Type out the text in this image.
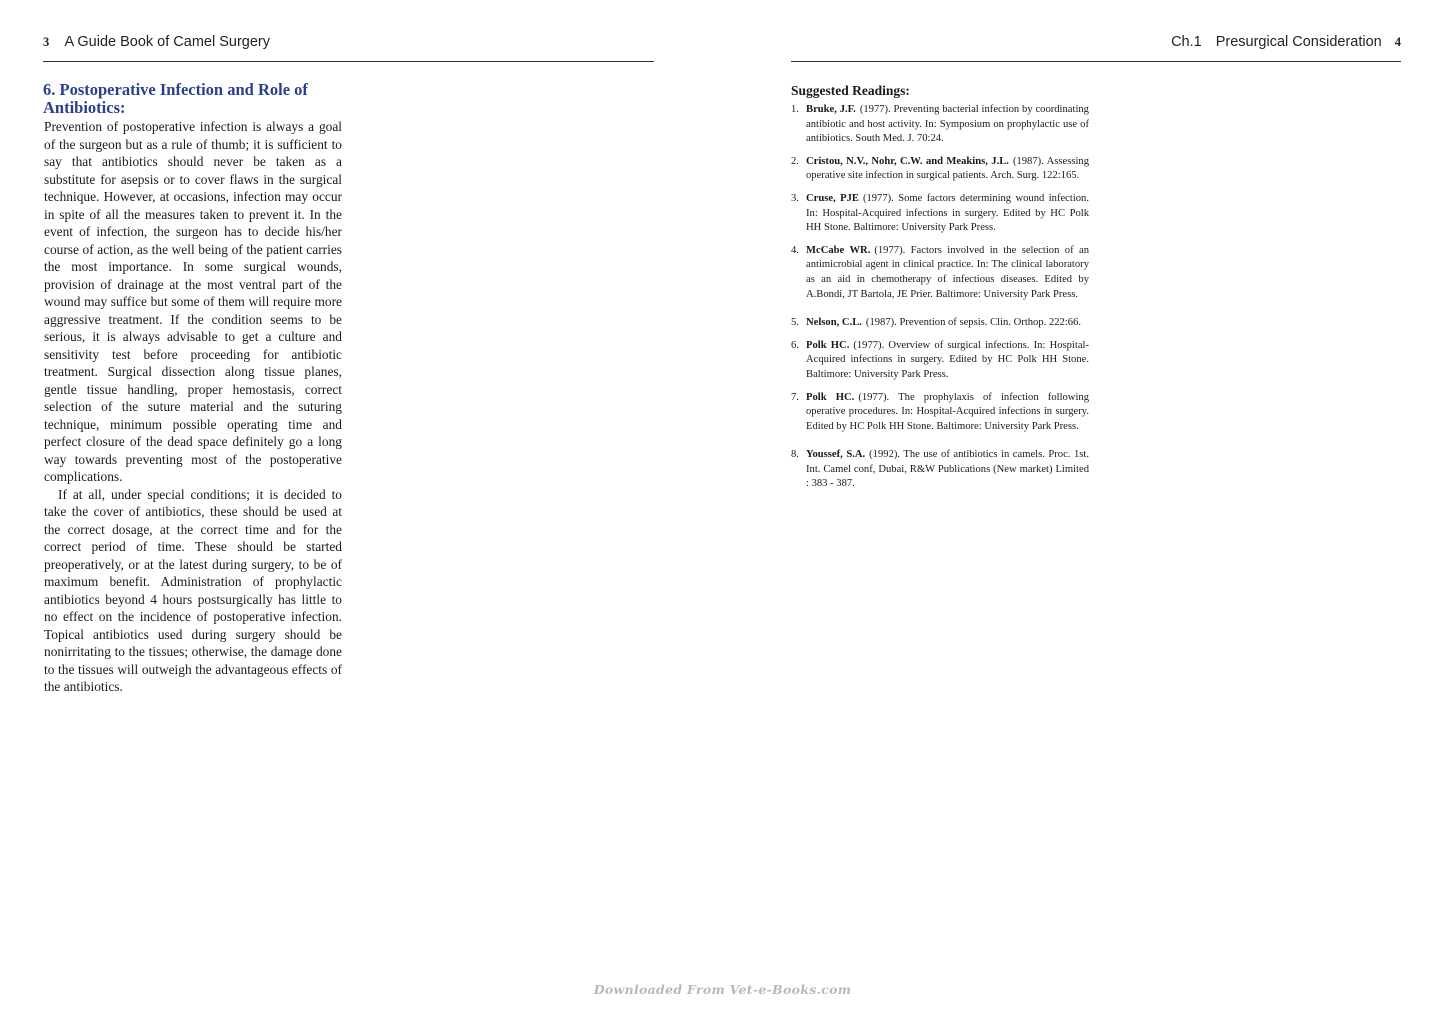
3 A Guide Book of Camel Surgery
6. Postoperative Infection and Role of Antibiotics:

Prevention of postoperative infection is always a goal of the surgeon but as a rule of thumb; it is sufficient to say that antibiotics should never be taken as a substitute for asepsis or to cover flaws in the surgical technique. However, at occasions, infection may occur in spite of all the measures taken to prevent it. In the event of infection, the surgeon has to decide his/her course of action, as the well being of the patient carries the most importance. In some surgical wounds, provision of drainage at the most ventral part of the wound may suffice but some of them will require more aggressive treatment. If the condition seems to be serious, it is always advisable to get a culture and sensitivity test before proceeding for antibiotic treatment. Surgical dissection along tissue planes, gentle tissue handling, proper hemostasis, correct selection of the suture material and the suturing technique, minimum possible operating time and perfect closure of the dead space definitely go a long way towards preventing most of the postoperative complications.

If at all, under special conditions; it is decided to take the cover of antibiotics, these should be used at the correct dosage, at the correct time and for the correct period of time. These should be started preoperatively, or at the latest during surgery, to be of maximum benefit. Administration of prophylactic antibiotics beyond 4 hours postsurgically has little to no effect on the incidence of postoperative infection. Topical antibiotics used during surgery should be nonirritating to the tissues; otherwise, the damage done to the tissues will outweigh the advantageous effects of the antibiotics.

Ch.1 Presurgical Consideration 4
Suggested Readings:
1. Bruke, J.F. (1977). Preventing bacterial infection by coordinating antibiotic and host activity. In: Symposium on prophylactic use of antibiotics. South Med. J. 70:24.
2. Cristou, N.V., Nohr, C.W. and Meakins, J.L. (1987). Assessing operative site infection in surgical patients. Arch. Surg. 122:165.
3. Cruse, PJE (1977). Some factors determining wound infection. In: Hospital-Acquired infections in surgery. Edited by HC Polk HH Stone. Baltimore: University Park Press.
4. McCabe WR. (1977). Factors involved in the selection of an antimicrobial agent in clinical practice. In: The clinical laboratory as an aid in chemotherapy of infectious diseases. Edited by A.Bondi, JT Bartola, JE Prier. Baltimore: University Park Press.
5. Nelson, C.L. (1987). Prevention of sepsis. Clin. Orthop. 222:66.
6. Polk HC. (1977). Overview of surgical infections. In: Hospital-Acquired infections in surgery. Edited by HC Polk HH Stone. Baltimore: University Park Press.
7. Polk HC. (1977). The prophylaxis of infection following operative procedures. In: Hospital-Acquired infections in surgery. Edited by HC Polk HH Stone. Baltimore: University Park Press.
8. Youssef, S.A. (1992). The use of antibiotics in camels. Proc. 1st. Int. Camel conf, Dubai, R&W Publications (New market) Limited : 383 - 387.
Downloaded From Vet-e-Books.com
